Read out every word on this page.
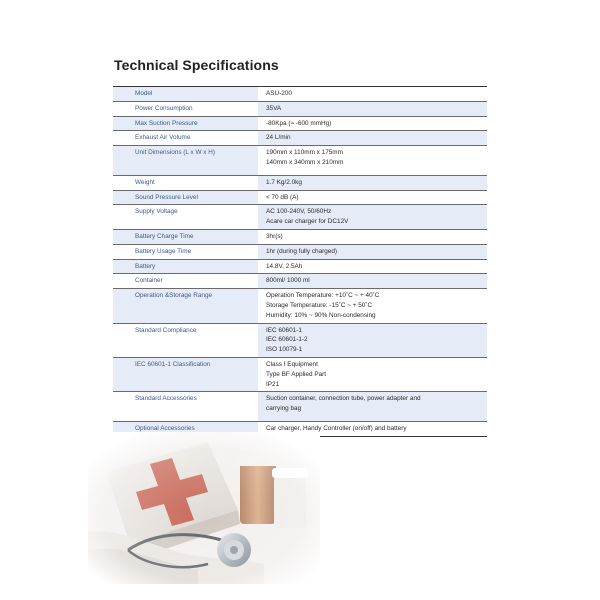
Technical Specifications
Model	ASU-200

Power Consumption	35VA

Max Suction Pressure	-80Kpa (≈ -600 mmHg)

Exhaust Air Volume	24 L/min

Unit Dimensions (L x W x H)	190mm x 110mm x 175mm
140mm x 340mm x 210mm

Weight	1.7 Kg/2.0kg

Sound Pressure Level	< 70 dB (A)

Supply Voltage	AC 100-240V, 50/60Hz
Acare car charger for DC12V

Battery Charge Time	3hr(s)

Battery Usage Time	1hr (during fully charged)

Battery	14.8V, 2.5Ah

Container	800ml/ 1000 ml

Operation &Storage Range	Operation Temperature: +10˚C ~ + 40˚C
Storage Temperature: -15˚C ~ + 50˚C
Humidity: 10% ~ 90% Non-condensing

Standard Compliance	IEC 60601-1
IEC 60601-1-2
ISO 10079-1

IEC 60601-1 Classification	Class I Equipment
Type BF Applied Part
IP21

Standard Accessories	Suction container, connection tube, power adapter and
carrying bag

Optional Accessories	Car charger, Handy Controller (on/off) and battery
